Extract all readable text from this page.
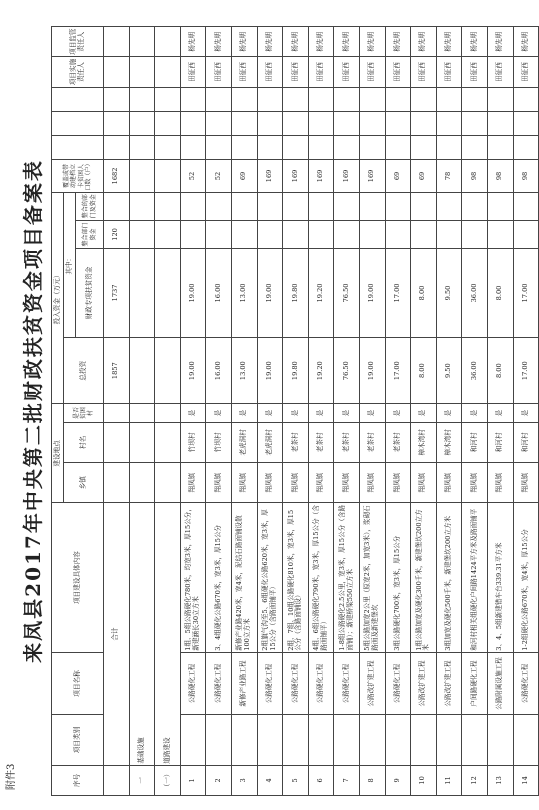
附件3
来凤县2017年中央第二批财政扶贫资金项目备案表
序号	项目类别	项目名称	项目建设具体内容	建设地点			投入资金（万元）				覆盖或带动建档立卡贫困人口数（户）				项目实施责任人	项目监管责任人
				乡镇	村名	是否贫困村	总投资	其中：								
								财政专项扶贫资金	整合部门资金	整合的部门及资金						
	合计						1857	1737	120		1682					
一	基础设施															
（一）	道路建设															
1		公路硬化工程	1组、5组公路硬化780米，均宽3米，厚15公分，新建涵长30立方米	翔凤镇	竹坝村	是	19.00	19.00			52				田征西	杨先明
2		公路硬化工程	3、4组硬化公路670米，宽3米，厚15公分	翔凤镇	竹坝村	是	16.00	16.00			52				田征西	杨先明
3		新修产业路工程	新修产业路420米，宽4米，泥结石路面铺设散100立方米	翔凤镇	老虎洞村	是	13.00	13.00			69				田征西	杨先明
4		公路硬化工程	2组旗气沟至5、6组硬化公路620米，宽3米，厚15公分（含路面铺平）	翔凤镇	老虎洞村	是	19.00	19.00			169				田征西	杨先明
5		公路硬化工程	2组、7组、10组公路硬化810米，宽3米，厚15公分（含路面铺设）	翔凤镇	老茶村	是	19.80	19.80			169				田征西	杨先明
6		公路硬化工程	4组、6组公路硬化790米，宽3米，厚15公分（含路面铺平）	翔凤镇	老茶村	是	19.20	19.20			169				田征西	杨先明
7		公路硬化工程	1-8组公路硬化2.5公里，宽3米，厚15公分（含路面铺）；新建桥梁550立方米	翔凤镇	老茶村	是	76.50	76.50			169				田征西	杨先明
8		公路改扩建工程	5组公路加宽2公里（原宽2米，加宽3米），浆砌石路面及新建堡坎	翔凤镇	老茶村	是	19.00	19.00			169				田征西	杨先明
9		公路硬化工程	3组公路硬化700米，宽3米，厚15公分	翔凤镇	老茶村	是	17.00	17.00			69				田征西	杨先明
10		公路改扩建工程	1组公路加宽及硬化300千米，新建堡坎200立方米	翔凤镇	樟木湾村	是	8.00	8.00			69				田征西	杨先明
11		公路改扩建工程	3组加宽及硬化500千米，新建堡坎200立方米	翔凤镇	樟木湾村	是	9.50	9.50			78				田征西	杨先明
12		户间路硬化工程	和河村相关组硬化户间路1424平方米及路面铺平	翔凤镇	和河村	是	36.00	36.00			98				田征西	杨先明
13		公路附属设施工程	3、4、5组新建错车台339.31平方米	翔凤镇	和河村	是	8.00	8.00			98				田征西	杨先明
14		公路硬化工程	1-2组硬化公路670米，宽4米，厚15公分	翔凤镇	和河村	是	17.00	17.00			98				田征西	杨先明
